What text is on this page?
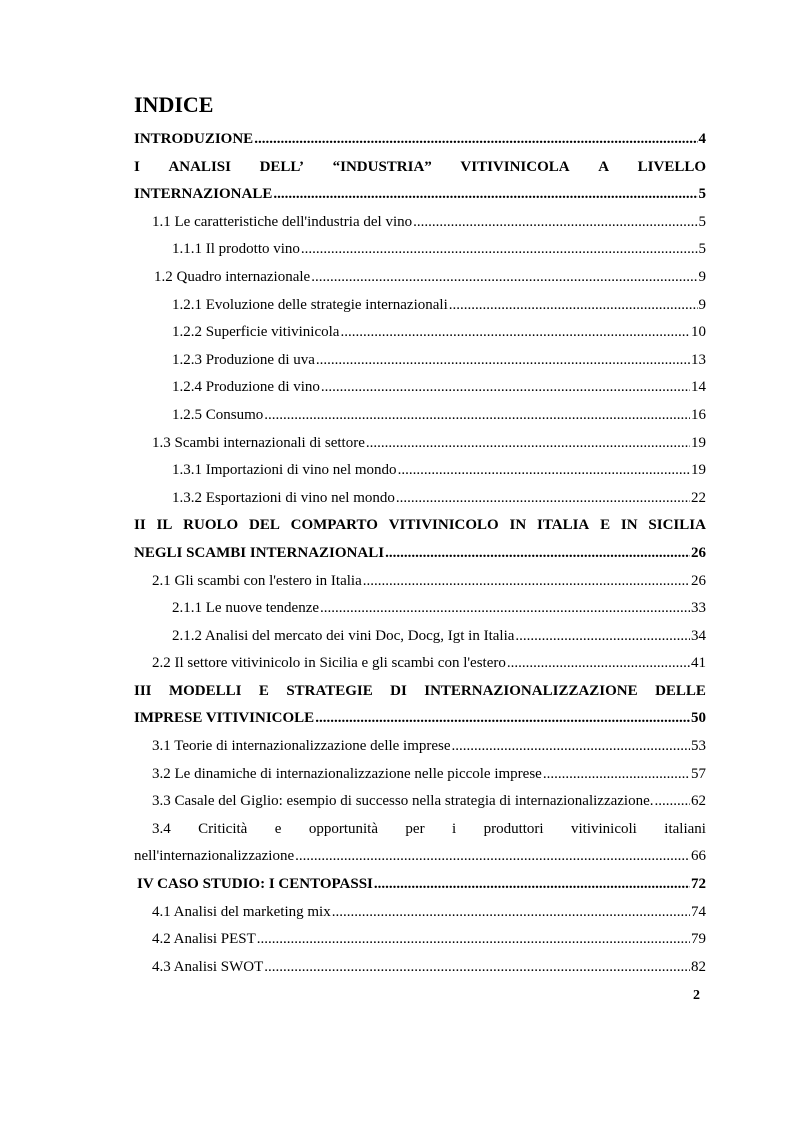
INDICE
INTRODUZIONE .....	4
I ANALISI DELL’ “INDUSTRIA” VITIVINICOLA A LIVELLO
INTERNAZIONALE .....	5
1.1 Le caratteristiche dell'industria del vino .....	5
1.1.1 Il prodotto vino .....	5
1.2 Quadro internazionale .....	9
1.2.1 Evoluzione delle strategie internazionali .....	9
1.2.2 Superficie vitivinicola .....	10
1.2.3 Produzione di uva .....	13
1.2.4 Produzione di vino .....	14
1.2.5 Consumo .....	16
1.3 Scambi internazionali di settore .....	19
1.3.1 Importazioni di vino nel mondo .....	19
1.3.2 Esportazioni di vino nel mondo .....	22
II IL RUOLO DEL COMPARTO VITIVINICOLO IN ITALIA E IN SICILIA
NEGLI SCAMBI INTERNAZIONALI .....	26
2.1 Gli scambi con l'estero in Italia .....	26
2.1.1 Le nuove tendenze .....	33
2.1.2 Analisi del mercato dei vini Doc, Docg, Igt in Italia .....	34
2.2 Il settore vitivinicolo in Sicilia e gli scambi con l'estero .....	41
III MODELLI E STRATEGIE DI INTERNAZIONALIZZAZIONE DELLE
IMPRESE VITIVINICOLE .....	50
3.1 Teorie di internazionalizzazione delle imprese .....	53
3.2 Le dinamiche di internazionalizzazione nelle piccole imprese .....	57
3.3 Casale del Giglio: esempio di successo nella strategia di internazionalizzazione. .....	62
3.4 Criticità e opportunità per i produttori vitivinicoli italiani
nell'internazionalizzazione .....	66
IV CASO STUDIO: I CENTOPASSI .....	72
4.1 Analisi del marketing mix .....	74
4.2 Analisi PEST .....	79
4.3 Analisi SWOT .....	82
2
